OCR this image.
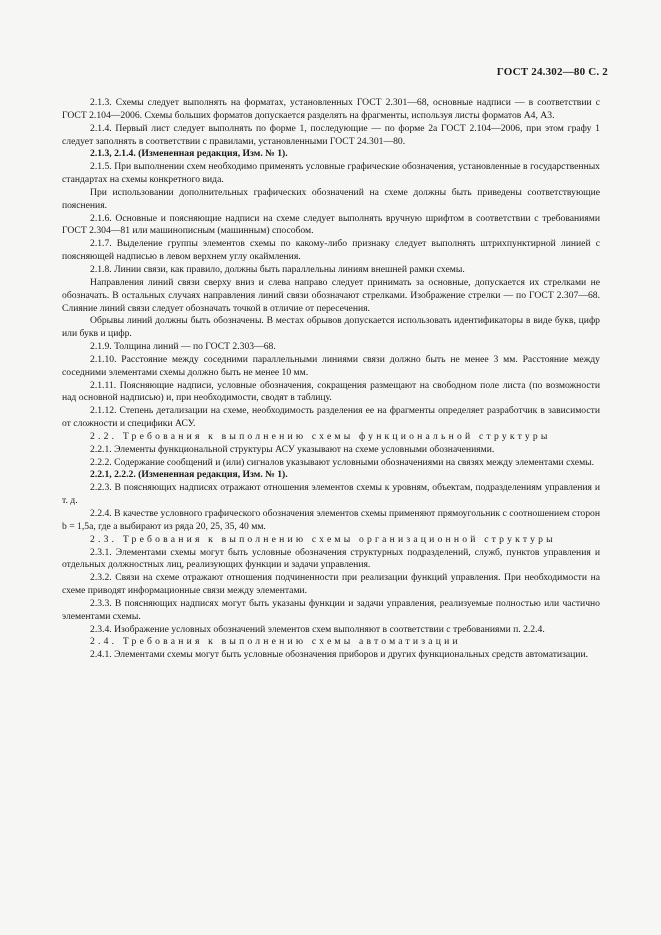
ГОСТ 24.302—80 С. 2

2.1.3. Схемы следует выполнять на форматах, установленных ГОСТ 2.301—68, основные надписи — в соответствии с ГОСТ 2.104—2006. Схемы больших форматов допускается разделять на фрагменты, используя листы форматов А4, А3.

2.1.4. Первый лист следует выполнять по форме 1, последующие — по форме 2а ГОСТ 2.104—2006, при этом графу 1 следует заполнять в соответствии с правилами, установленными ГОСТ 24.301—80.

2.1.3, 2.1.4. (Измененная редакция, Изм. № 1).

2.1.5. При выполнении схем необходимо применять условные графические обозначения, установленные в государственных стандартах на схемы конкретного вида.

При использовании дополнительных графических обозначений на схеме должны быть приведены соответствующие пояснения.

2.1.6. Основные и поясняющие надписи на схеме следует выполнять вручную шрифтом в соответствии с требованиями ГОСТ 2.304—81 или машинописным (машинным) способом.

2.1.7. Выделение группы элементов схемы по какому-либо признаку следует выполнять штрихпунктирной линией с поясняющей надписью в левом верхнем углу окаймления.

2.1.8. Линии связи, как правило, должны быть параллельны линиям внешней рамки схемы.

Направления линий связи сверху вниз и слева направо следует принимать за основные, допускается их стрелками не обозначать. В остальных случаях направления линий связи обозначают стрелками. Изображение стрелки — по ГОСТ 2.307—68. Слияние линий связи следует обозначать точкой в отличие от пересечения.

Обрывы линий должны быть обозначены. В местах обрывов допускается использовать идентификаторы в виде букв, цифр или букв и цифр.

2.1.9. Толщина линий — по ГОСТ 2.303—68.

2.1.10. Расстояние между соседними параллельными линиями связи должно быть не менее 3 мм. Расстояние между соседними элементами схемы должно быть не менее 10 мм.

2.1.11. Поясняющие надписи, условные обозначения, сокращения размещают на свободном поле листа (по возможности над основной надписью) и, при необходимости, сводят в таблицу.

2.1.12. Степень детализации на схеме, необходимость разделения ее на фрагменты определяет разработчик в зависимости от сложности и специфики АСУ.

2.2. Требования к выполнению схемы функциональной структуры

2.2.1. Элементы функциональной структуры АСУ указывают на схеме условными обозначениями.

2.2.2. Содержание сообщений и (или) сигналов указывают условными обозначениями на связях между элементами схемы.

2.2.1, 2.2.2. (Измененная редакция, Изм. № 1).

2.2.3. В поясняющих надписях отражают отношения элементов схемы к уровням, объектам, подразделениям управления и т. д.

2.2.4. В качестве условного графического обозначения элементов схемы применяют прямоугольник с соотношением сторон b = 1,5a, где a выбирают из ряда 20, 25, 35, 40 мм.

2.3. Требования к выполнению схемы организационной структуры

2.3.1. Элементами схемы могут быть условные обозначения структурных подразделений, служб, пунктов управления и отдельных должностных лиц, реализующих функции и задачи управления.

2.3.2. Связи на схеме отражают отношения подчиненности при реализации функций управления. При необходимости на схеме приводят информационные связи между элементами.

2.3.3. В поясняющих надписях могут быть указаны функции и задачи управления, реализуемые полностью или частично элементами схемы.

2.3.4. Изображение условных обозначений элементов схем выполняют в соответствии с требованиями п. 2.2.4.

2.4. Требования к выполнению схемы автоматизации

2.4.1. Элементами схемы могут быть условные обозначения приборов и других функциональных средств автоматизации.
